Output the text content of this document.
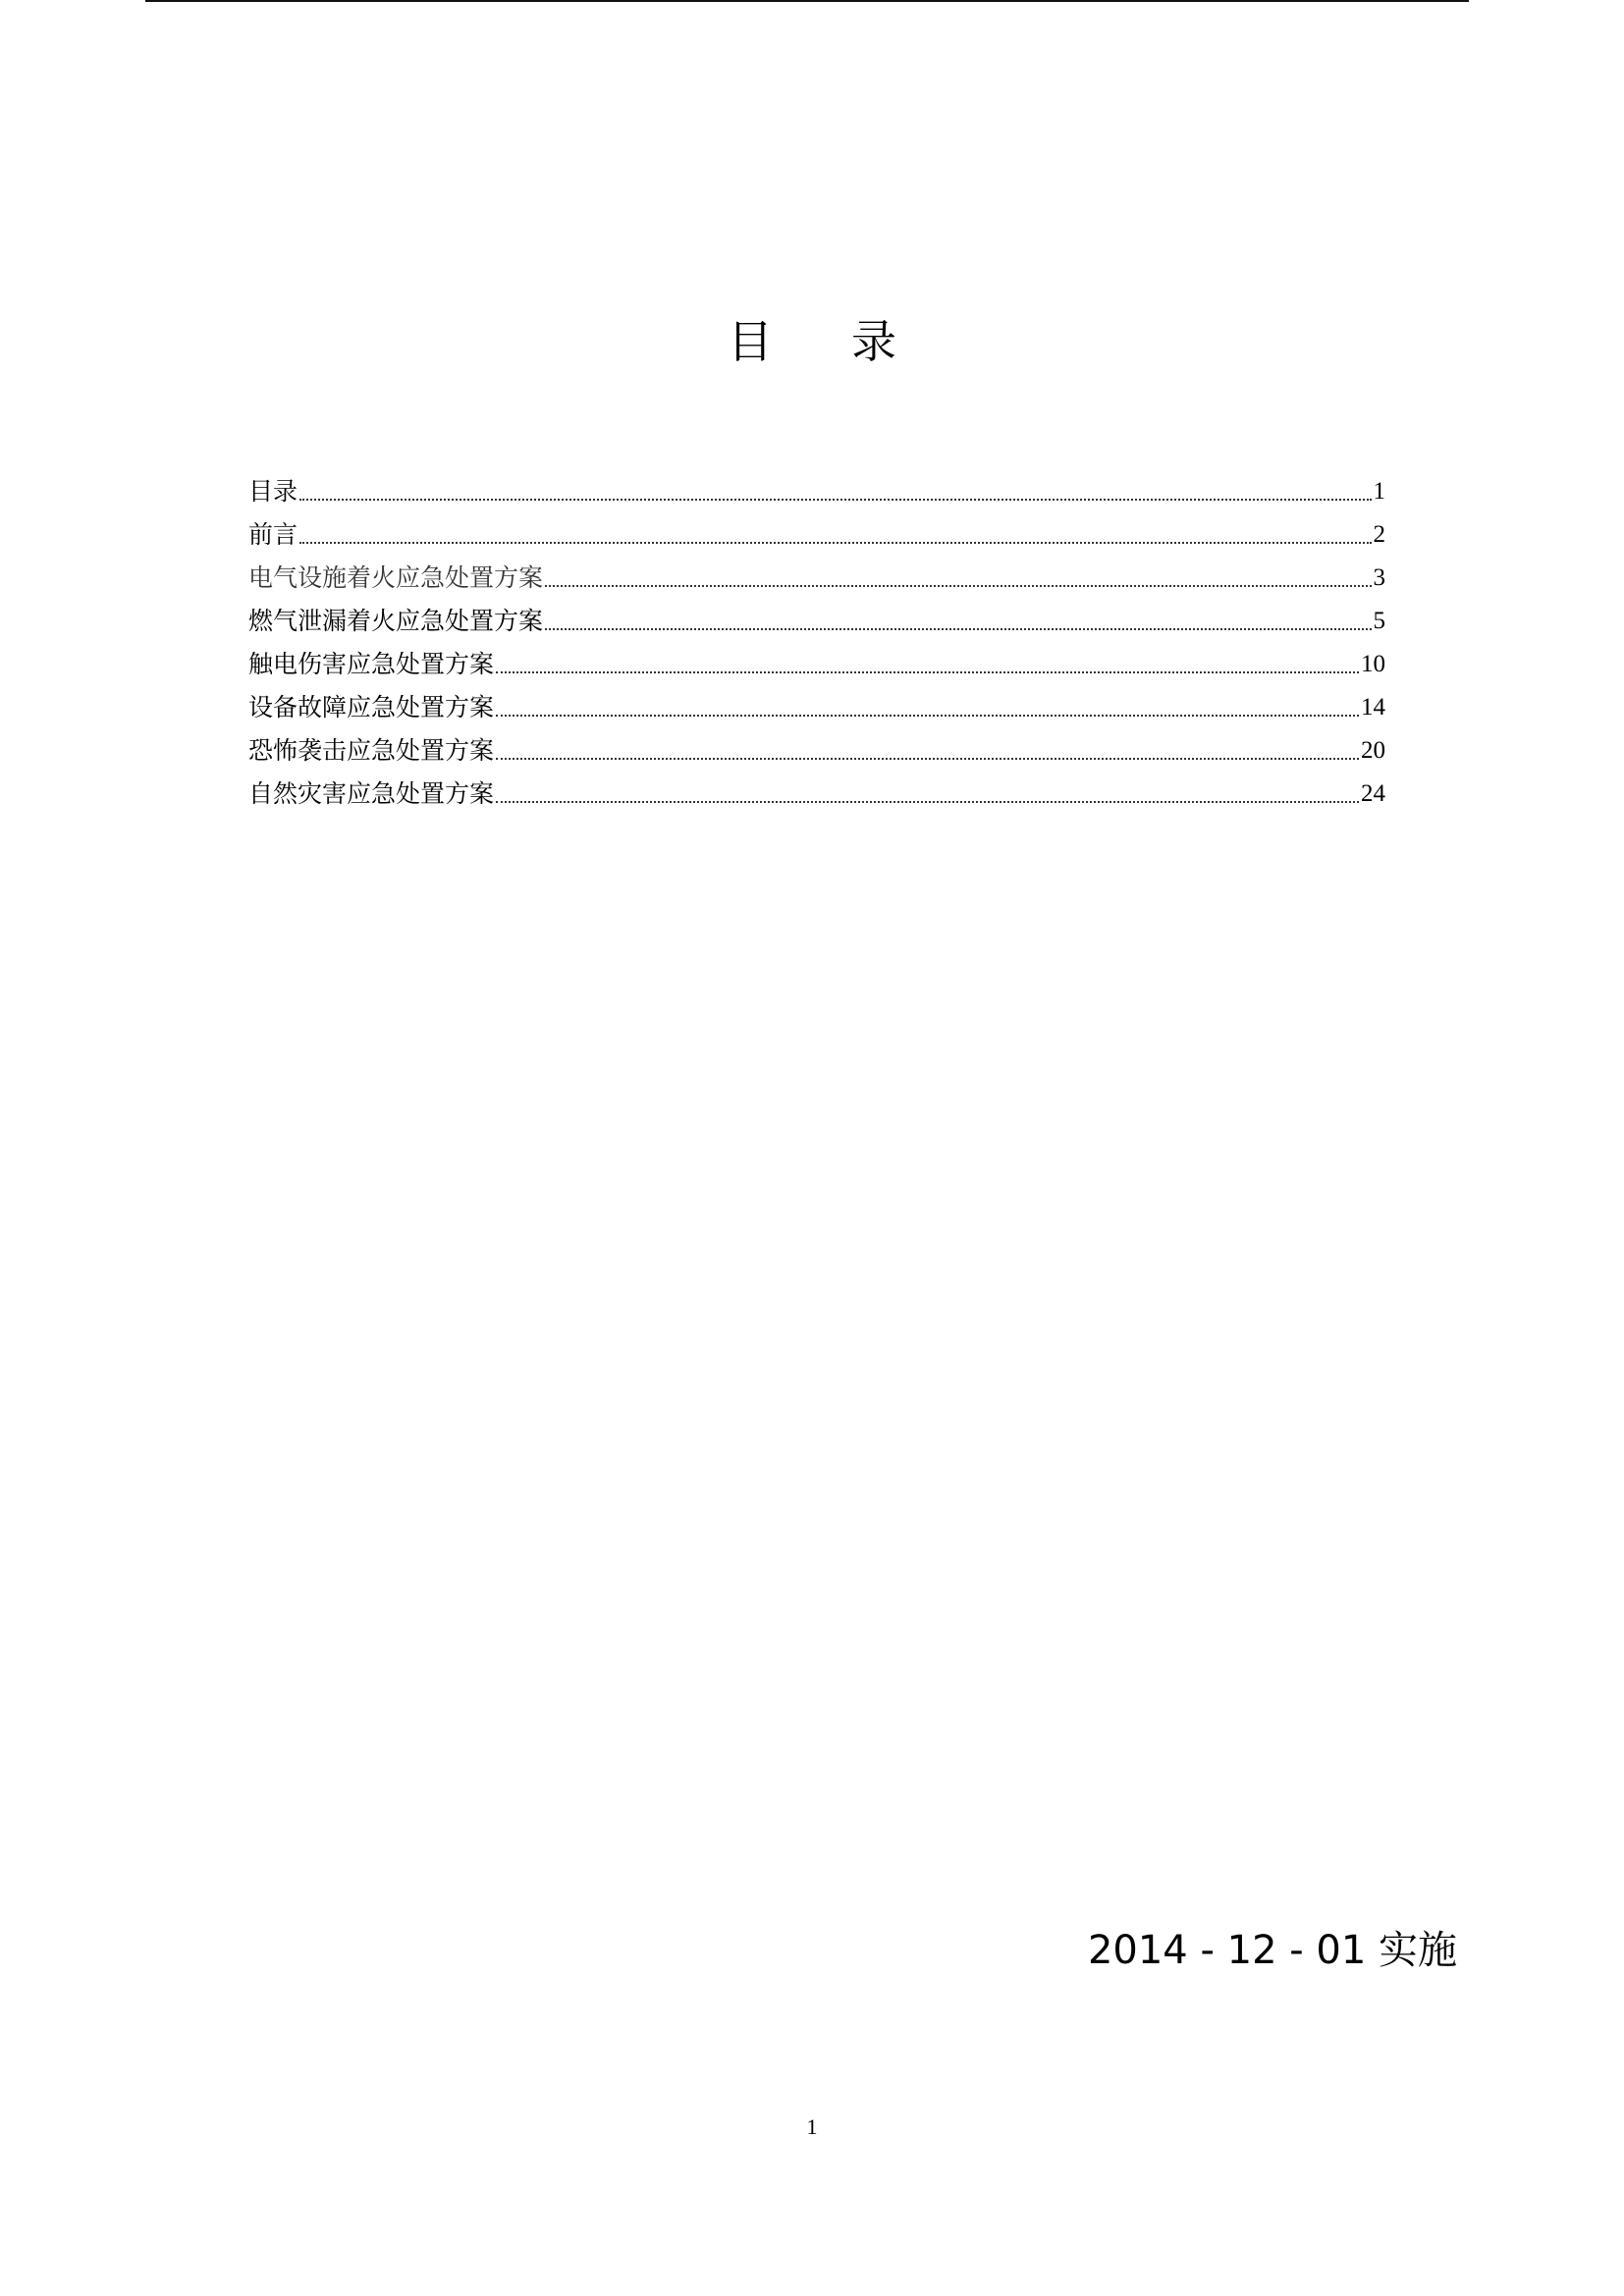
目录
目录	1
前言	2
电气设施着火应急处置方案	3
燃气泄漏着火应急处置方案	5
触电伤害应急处置方案	10
设备故障应急处置方案	14
恐怖袭击应急处置方案	20
自然灾害应急处置方案	24
2014 - 12 - 01 实施
1
